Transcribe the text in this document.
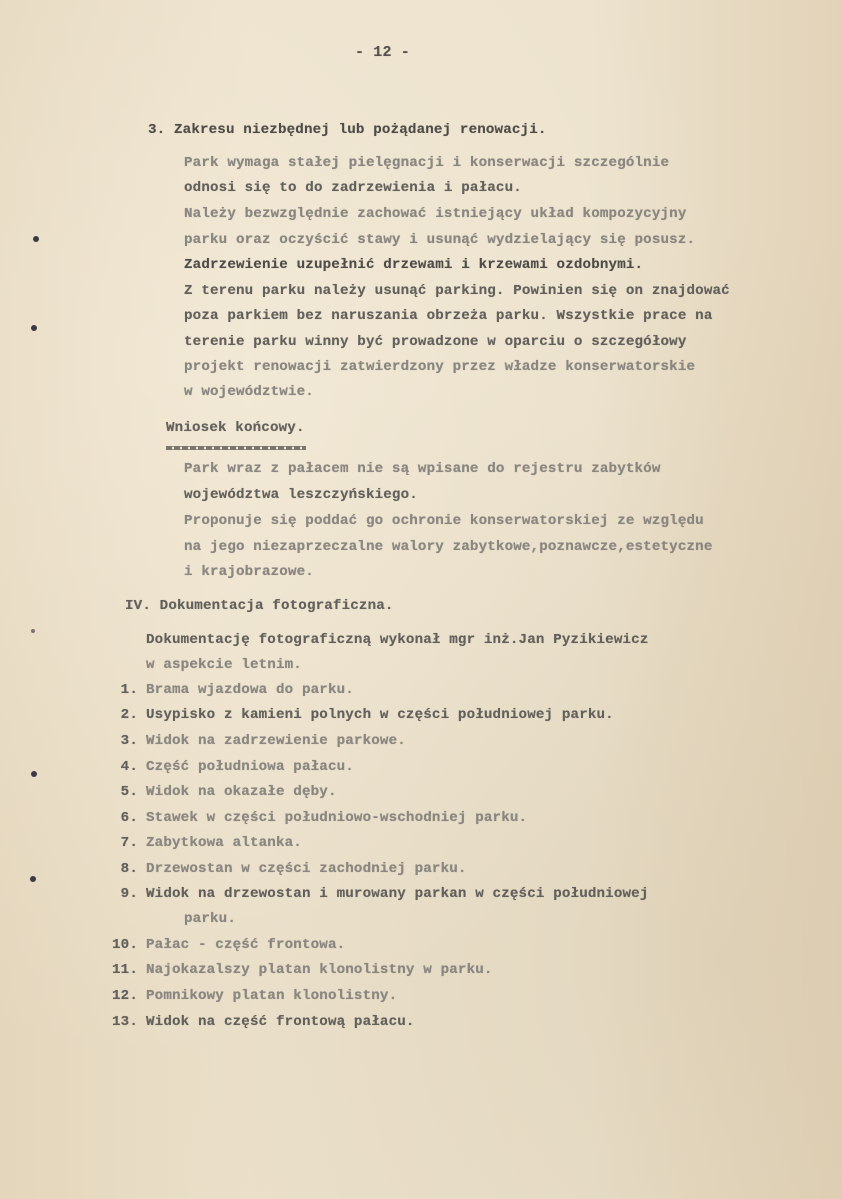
- 12 -
3. Zakresu niezbędnej lub pożądanej renowacji.
Park wymaga stałej pielęgnacji i konserwacji szczególnie
odnosi się to do zadrzewienia i pałacu.
Należy bezwzględnie zachować istniejący układ kompozycyjny
parku oraz oczyścić stawy i usunąć wydzielający się posusz.
Zadrzewienie uzupełnić drzewami i krzewami ozdobnymi.
Z terenu parku należy usunąć parking. Powinien się on znajdować
poza parkiem bez naruszania obrzeża parku. Wszystkie prace na
terenie parku winny być prowadzone w oparciu o szczegółowy
projekt renowacji zatwierdzony przez władze konserwatorskie
w województwie.
Wniosek końcowy.
Park wraz z pałacem nie są wpisane do rejestru zabytków
województwa leszczyńskiego.
Proponuje się poddać go ochronie konserwatorskiej ze względu
na jego niezaprzeczalne walory zabytkowe,poznawcze,estetyczne
i krajobrazowe.
IV. Dokumentacja fotograficzna.
Dokumentację fotograficzną wykonał mgr inż.Jan Pyzikiewicz
w aspekcie letnim.
1. Brama wjazdowa do parku.
2. Usypisko z kamieni polnych w części południowej parku.
3. Widok na zadrzewienie parkowe.
4. Część południowa pałacu.
5. Widok na okazałe dęby.
6. Stawek w części południowo-wschodniej parku.
7. Zabytkowa altanka.
8. Drzewostan w części zachodniej parku.
9. Widok na drzewostan i murowany parkan w części południowej
parku.
10. Pałac - część frontowa.
11. Najokazalszy platan klonolistny w parku.
12. Pomnikowy platan klonolistny.
13. Widok na część frontową pałacu.
